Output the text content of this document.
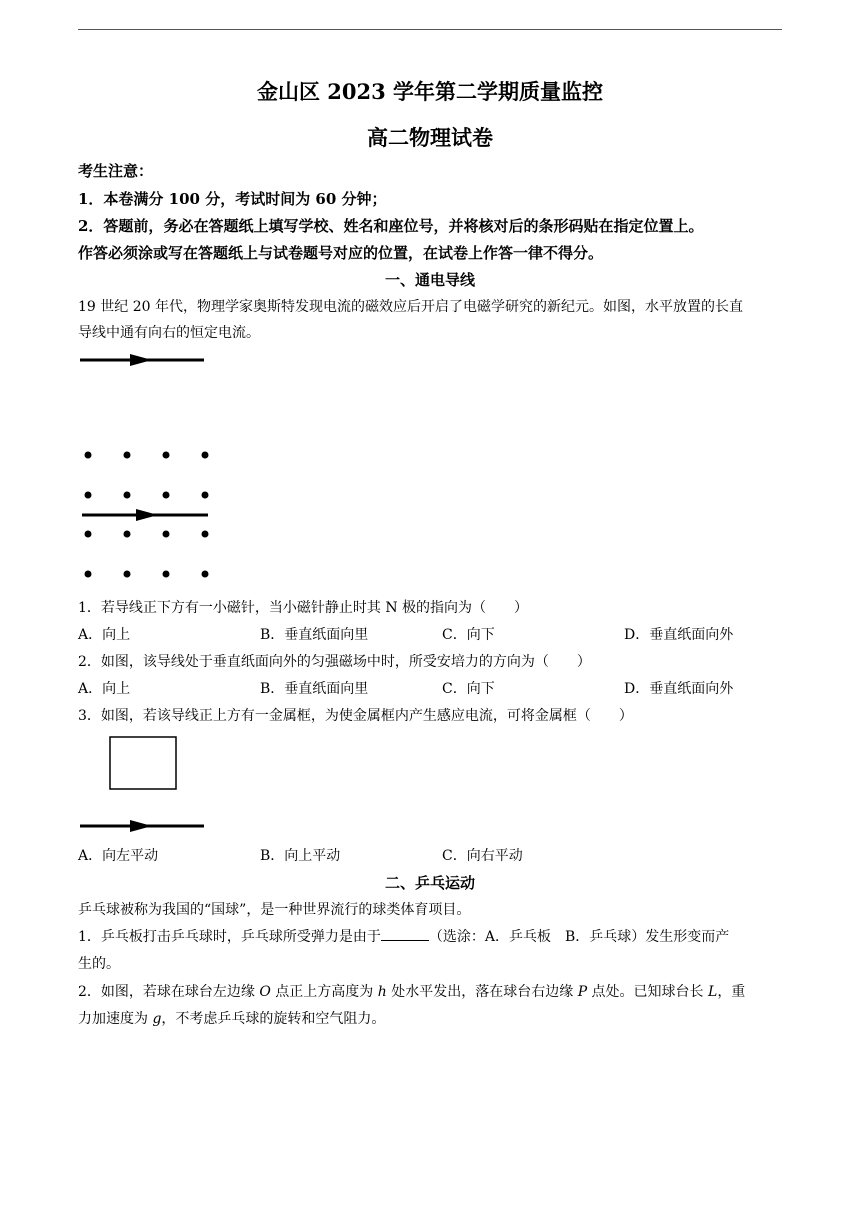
金山区 2023 学年第二学期质量监控
高二物理试卷
考生注意：
1．本卷满分 100 分，考试时间为 60 分钟；
2．答题前，务必在答题纸上填写学校、姓名和座位号，并将核对后的条形码贴在指定位置上。
作答必须涂或写在答题纸上与试卷题号对应的位置，在试卷上作答一律不得分。
一、通电导线
19 世纪 20 年代，物理学家奥斯特发现电流的磁效应后开启了电磁学研究的新纪元。如图，水平放置的长直
导线中通有向右的恒定电流。
1．若导线正下方有一小磁针，当小磁针静止时其 N 极的指向为（　　）
A．向上	B．垂直纸面向里	C．向下	D．垂直纸面向外
2．如图，该导线处于垂直纸面向外的匀强磁场中时，所受安培力的方向为（　　）
A．向上	B．垂直纸面向里	C．向下	D．垂直纸面向外
3．如图，若该导线正上方有一金属框，为使金属框内产生感应电流，可将金属框（　　）
A．向左平动	B．向上平动	C．向右平动
二、乒乓运动
乒乓球被称为我国的“国球”，是一种世界流行的球类体育项目。
1．乒乓板打击乒乓球时，乒乓球所受弹力是由于	（选涂：A．乒乓板　B．乒乓球）发生形变而产
生的。
2．如图，若球在球台左边缘 O 点正上方高度为 h 处水平发出，落在球台右边缘 P 点处。已知球台长 L，重
力加速度为 g，不考虑乒乓球的旋转和空气阻力。
